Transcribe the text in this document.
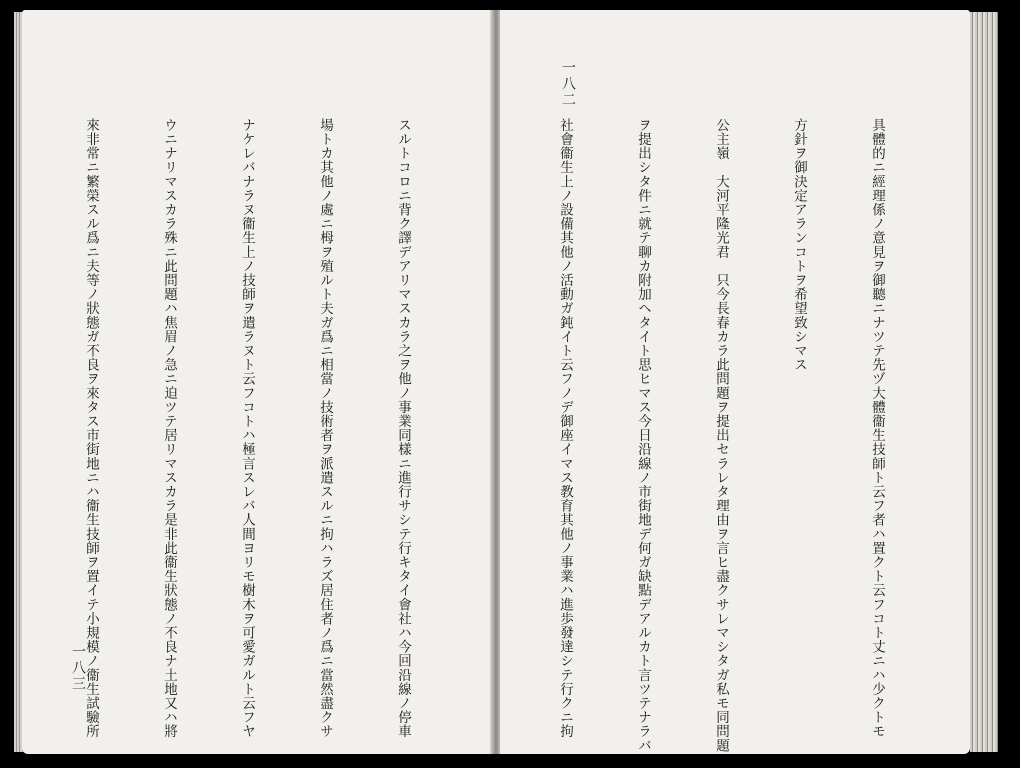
スルトコロニ背ク譯デアリマスカラ之ヲ他ノ事業同樣ニ進行サシテ行キタイ會社ハ今回沿線ノ停車

場トカ其他ノ處ニ栂ヲ殖ルト夫ガ爲ニ相當ノ技術者ヲ派遣スルニ拘ハラズ居住者ノ爲ニ當然盡クサ

ナケレバナラヌ衞生上ノ技師ヲ遣ラヌト云フコトハ極言スレバ人間ヨリモ樹木ヲ可愛ガルト云フヤ

ウニナリマスカラ殊ニ此問題ハ焦眉ノ急ニ迫ツテ居リマスカラ是非此衞生狀態ノ不良ナ土地又ハ將

來非常ニ繁榮スル爲ニ夫等ノ狀態ガ不良ヲ來タス市街地ニハ衞生技師ヲ置イテ小規模ノ衞生試驗所

一八三

	具體的ニ經理係ノ意見ヲ御聽ニナツテ先ヅ大體衞生技師ト云フ者ハ置クト云フコト丈ニハ少クトモ

方針ヲ御決定アランコトヲ希望致シマス

公主嶺　大河平隆光君　只今長春カラ此問題ヲ提出セラレタ理由ヲ言ヒ盡クサレマシタガ私モ同問題

ヲ提出シタ件ニ就テ聊カ附加ヘタイト思ヒマス今日沿線ノ市街地デ何ガ缺點デアルカト言ツテナラバ

社會衞生上ノ設備其他ノ活動ガ鈍イト云フノデ御座イマス教育其他ノ事業ハ進歩發達シテ行クニ拘

一八二
